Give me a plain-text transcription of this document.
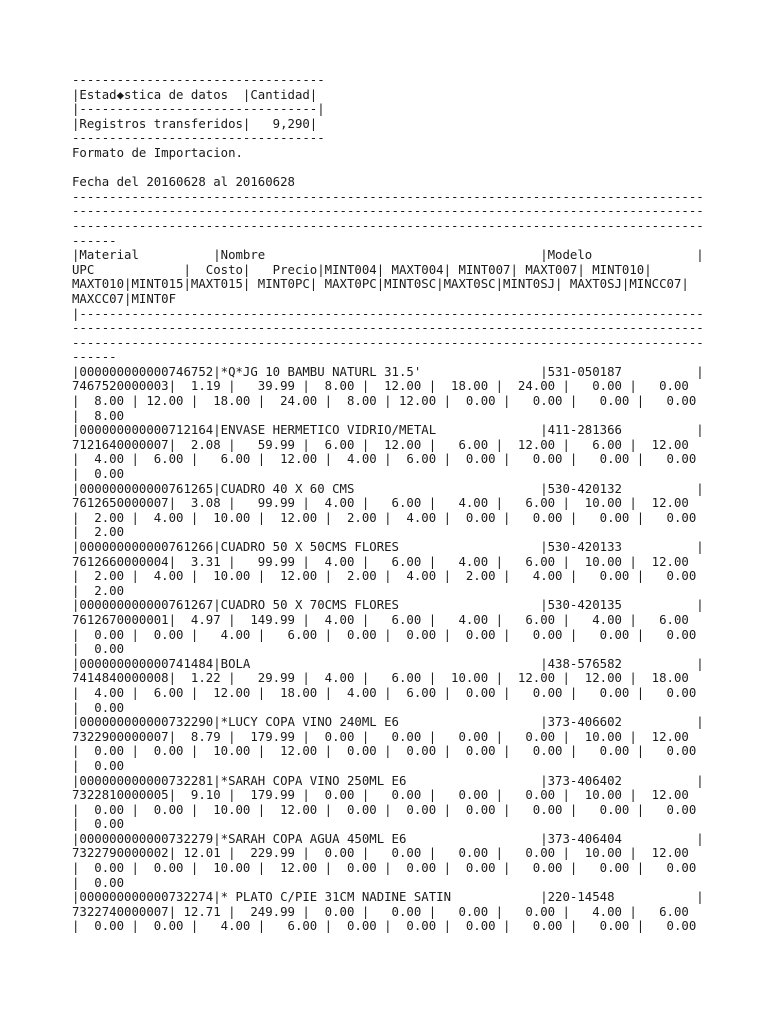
----------------------------------
|Estad◆stica de datos  |Cantidad|
|--------------------------------|
|Registros transferidos|   9,290|
----------------------------------
Formato de Importacion.
Fecha del 20160628 al 20160628
-------------------------------------------------------------------------------------
-------------------------------------------------------------------------------------
-------------------------------------------------------------------------------------
------
|Material          |Nombre                                     |Modelo              |
UPC            |  Costo|   Precio|MINT004| MAXT004| MINT007| MAXT007| MINT010|
MAXT010|MINT015|MAXT015| MINT0PC| MAXT0PC|MINT0SC|MAXT0SC|MINT0SJ| MAXT0SJ|MINCC07|
MAXCC07|MINT0F
|------------------------------------------------------------------------------------
-------------------------------------------------------------------------------------
-------------------------------------------------------------------------------------
------
|000000000000746752|*Q*JG 10 BAMBU NATURL 31.5'                |531-050187          |
7467520000003|  1.19 |   39.99 |  8.00 |  12.00 |  18.00 |  24.00 |   0.00 |   0.00
|  8.00 | 12.00 |  18.00 |  24.00 |  8.00 | 12.00 |  0.00 |   0.00 |   0.00 |   0.00
|  8.00
|000000000000712164|ENVASE HERMETICO VIDRIO/METAL              |411-281366          |
7121640000007|  2.08 |   59.99 |  6.00 |  12.00 |   6.00 |  12.00 |   6.00 |  12.00
|  4.00 |  6.00 |   6.00 |  12.00 |  4.00 |  6.00 |  0.00 |   0.00 |   0.00 |   0.00
|  0.00
|000000000000761265|CUADRO 40 X 60 CMS                         |530-420132          |
7612650000007|  3.08 |   99.99 |  4.00 |   6.00 |   4.00 |   6.00 |  10.00 |  12.00
|  2.00 |  4.00 |  10.00 |  12.00 |  2.00 |  4.00 |  0.00 |   0.00 |   0.00 |   0.00
|  2.00
|000000000000761266|CUADRO 50 X 50CMS FLORES                   |530-420133          |
7612660000004|  3.31 |   99.99 |  4.00 |   6.00 |   4.00 |   6.00 |  10.00 |  12.00
|  2.00 |  4.00 |  10.00 |  12.00 |  2.00 |  4.00 |  2.00 |   4.00 |   0.00 |   0.00
|  2.00
|000000000000761267|CUADRO 50 X 70CMS FLORES                   |530-420135          |
7612670000001|  4.97 |  149.99 |  4.00 |   6.00 |   4.00 |   6.00 |   4.00 |   6.00
|  0.00 |  0.00 |   4.00 |   6.00 |  0.00 |  0.00 |  0.00 |   0.00 |   0.00 |   0.00
|  0.00
|000000000000741484|BOLA                                       |438-576582          |
7414840000008|  1.22 |   29.99 |  4.00 |   6.00 |  10.00 |  12.00 |  12.00 |  18.00
|  4.00 |  6.00 |  12.00 |  18.00 |  4.00 |  6.00 |  0.00 |   0.00 |   0.00 |   0.00
|  0.00
|000000000000732290|*LUCY COPA VINO 240ML E6                   |373-406602          |
7322900000007|  8.79 |  179.99 |  0.00 |   0.00 |   0.00 |   0.00 |  10.00 |  12.00
|  0.00 |  0.00 |  10.00 |  12.00 |  0.00 |  0.00 |  0.00 |   0.00 |   0.00 |   0.00
|  0.00
|000000000000732281|*SARAH COPA VINO 250ML E6                  |373-406402          |
7322810000005|  9.10 |  179.99 |  0.00 |   0.00 |   0.00 |   0.00 |  10.00 |  12.00
|  0.00 |  0.00 |  10.00 |  12.00 |  0.00 |  0.00 |  0.00 |   0.00 |   0.00 |   0.00
|  0.00
|000000000000732279|*SARAH COPA AGUA 450ML E6                  |373-406404          |
7322790000002| 12.01 |  229.99 |  0.00 |   0.00 |   0.00 |   0.00 |  10.00 |  12.00
|  0.00 |  0.00 |  10.00 |  12.00 |  0.00 |  0.00 |  0.00 |   0.00 |   0.00 |   0.00
|  0.00
|000000000000732274|* PLATO C/PIE 31CM NADINE SATIN            |220-14548           |
7322740000007| 12.71 |  249.99 |  0.00 |   0.00 |   0.00 |   0.00 |   4.00 |   6.00
|  0.00 |  0.00 |   4.00 |   6.00 |  0.00 |  0.00 |  0.00 |   0.00 |   0.00 |   0.00
